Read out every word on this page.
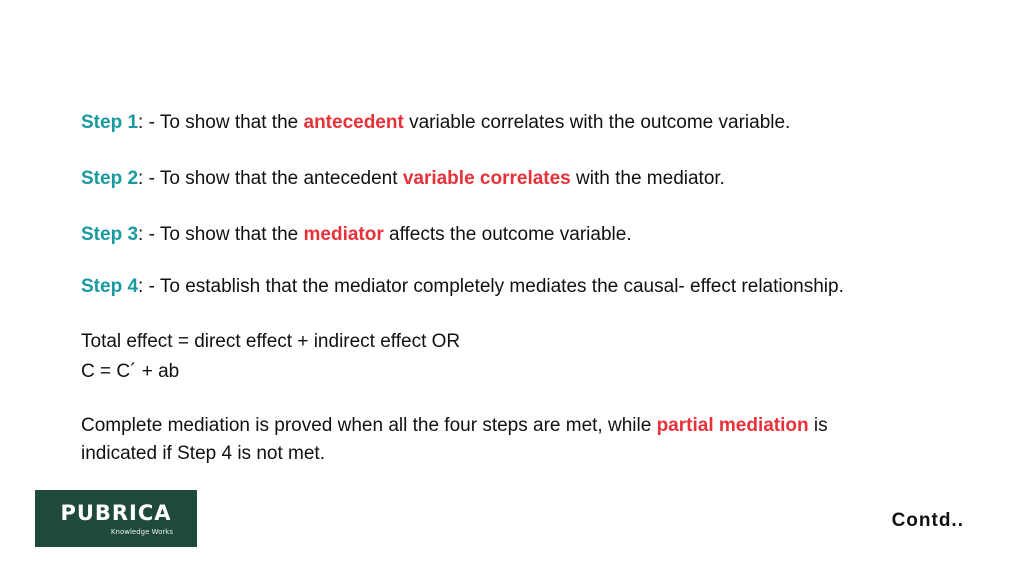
Step 1: - To show that the antecedent variable correlates with the outcome variable.
Step 2: - To show that the antecedent variable correlates with the mediator.
Step 3: - To show that the mediator affects the outcome variable.
Step 4: - To establish that the mediator completely mediates the causal- effect relationship.
Total effect = direct effect + indirect effect OR
C = C´ + ab
Complete mediation is proved when all the four steps are met, while partial mediation is
indicated if Step 4 is not met.
PUBRICA
Knowledge Works
Contd..
